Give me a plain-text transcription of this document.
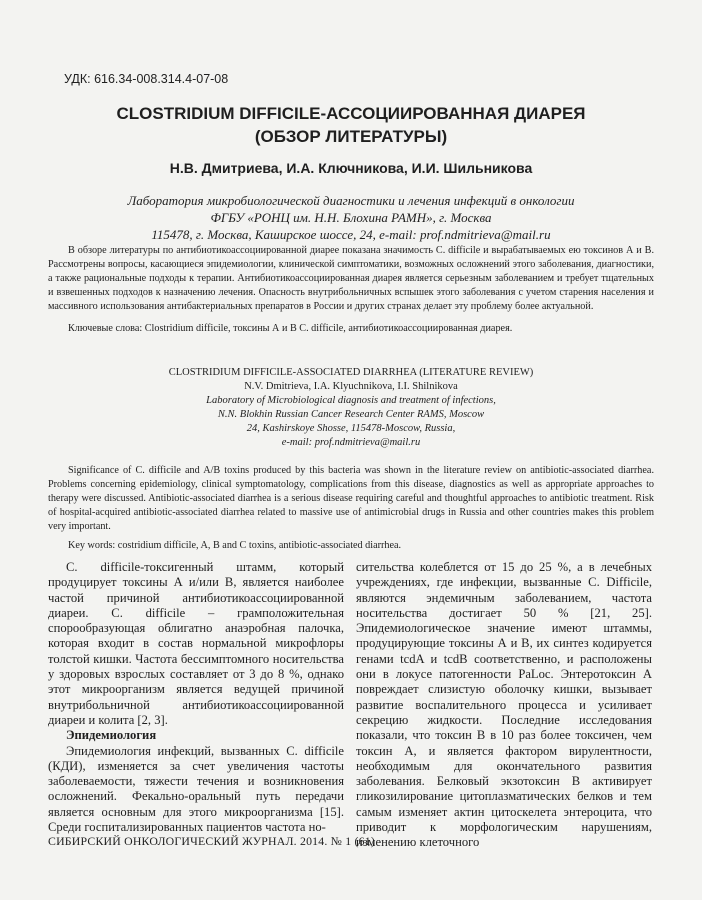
УДК: 616.34-008.314.4-07-08
CLOSTRIDIUM DIFFICILE-АССОЦИИРОВАННАЯ ДИАРЕЯ
(ОБЗОР ЛИТЕРАТУРЫ)
Н.В. Дмитриева, И.А. Ключникова, И.И. Шильникова
Лаборатория микробиологической диагностики и лечения инфекций в онкологии
ФГБУ «РОНЦ им. Н.Н. Блохина РАМН», г. Москва
115478, г. Москва, Каширское шоссе, 24, e-mail: prof.ndmitrieva@mail.ru

В обзоре литературы по антибиотикоассоциированной диарее показана значимость C. difficile и вырабатываемых ею токсинов А и В. Рассмотрены вопросы, касающиеся эпидемиологии, клинической симптоматики, возможных осложнений этого заболевания, диагностики, а также рациональные подходы к терапии. Антибиотикоассоциированная диарея является серьезным заболеванием и требует тщательных и взвешенных подходов к назначению лечения. Опасность внутрибольничных вспышек этого заболевания с учетом старения населения и массивного использования антибактериальных препаратов в России и других странах делает эту проблему более актуальной.

Ключевые слова: Clostridium difficile, токсины А и В C. difficile, антибиотикоассоциированная диарея.

CLOSTRIDIUM DIFFICILE-ASSOCIATED DIARRHEA (LITERATURE REVIEW)
N.V. Dmitrieva, I.A. Klyuchnikova, I.I. Shilnikova
Laboratory of Microbiological diagnosis and treatment of infections,
N.N. Blokhin Russian Cancer Research Center RAMS, Moscow
24, Kashirskoye Shosse, 115478-Moscow, Russia,
e-mail: prof.ndmitrieva@mail.ru

Significance of C. difficile and A/B toxins produced by this bacteria was shown in the literature review on antibiotic-associated diarrhea. Problems concerning epidemiology, clinical symptomatology, complications from this disease, diagnostics as well as appropriate approaches to therapy were discussed. Antibiotic-associated diarrhea is a serious disease requiring careful and thoughtful approaches to antibiotic treatment. Risk of hospital-acquired antibiotic-associated diarrhea related to massive use of antimicrobial drugs in Russia and other countries makes this problem very important.

Key words: costridium difficile, A, B and C toxins, antibiotic-associated diarrhea.

C. difficile-токсигенный штамм, который продуцирует токсины А и/или В, является наиболее частой причиной антибиотикоассоциированной диареи. C. difficile – грамположительная спорообразующая облигатно анаэробная палочка, которая входит в состав нормальной микрофлоры толстой кишки. Частота бессимптомного носительства у здоровых взрослых составляет от 3 до 8 %, однако этот микроорганизм является ведущей причиной внутрибольничной антибиотикоассоциированной диареи и колита [2, 3].

Эпидемиология

Эпидемиология инфекций, вызванных C. difficile (КДИ), изменяется за счет увеличения частоты заболеваемости, тяжести течения и возникновения осложнений. Фекально-оральный путь передачи является основным для этого микроорганизма [15]. Среди госпитализированных пациентов частота но-

сительства колеблется от 15 до 25 %, а в лечебных учреждениях, где инфекции, вызванные C. Difficile, являются эндемичным заболеванием, частота носительства достигает 50 % [21, 25]. Эпидемиологическое значение имеют штаммы, продуцирующие токсины А и В, их синтез кодируется генами tcdA и tcdB соответственно, и расположены они в локусе патогенности PaLoc. Энтеротоксин А повреждает слизистую оболочку кишки, вызывает развитие воспалительного процесса и усиливает секрецию жидкости. Последние исследования показали, что токсин В в 10 раз более токсичен, чем токсин А, и является фактором вирулентности, необходимым для окончательного развития заболевания. Белковый экзотоксин В активирует гликозилирование цитоплазматических белков и тем самым изменяет актин цитоскелета энтероцита, что приводит к морфологическим нарушениям, изменению клеточного

СИБИРСКИЙ ОНКОЛОГИЧЕСКИЙ ЖУРНАЛ. 2014. № 1 (61)
